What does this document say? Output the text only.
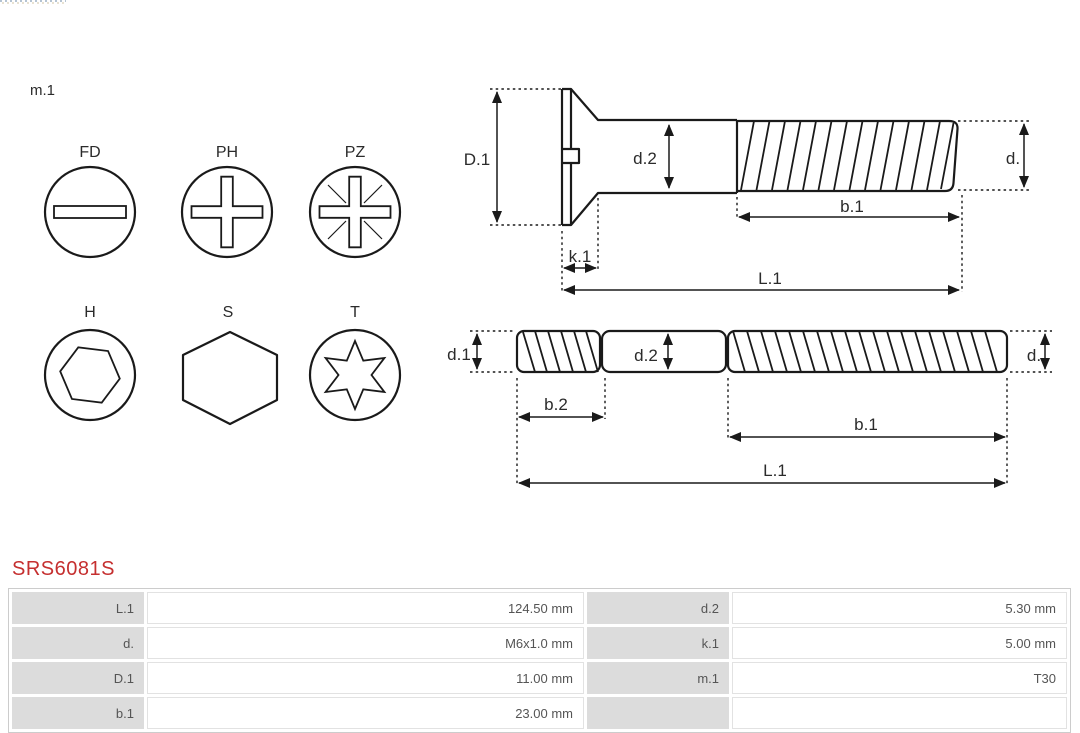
m.1
FD	PH	PZ
H	S	T
D.1	d.2	d.
b.1
k.1
L.1
d.1	d.2	d.
b.2
b.1
L.1
SRS6081S
L.1	124.50 mm	d.2	5.30 mm
d.	M6x1.0 mm	k.1	5.00 mm
D.1	11.00 mm	m.1	T30
b.1	23.00 mm		
